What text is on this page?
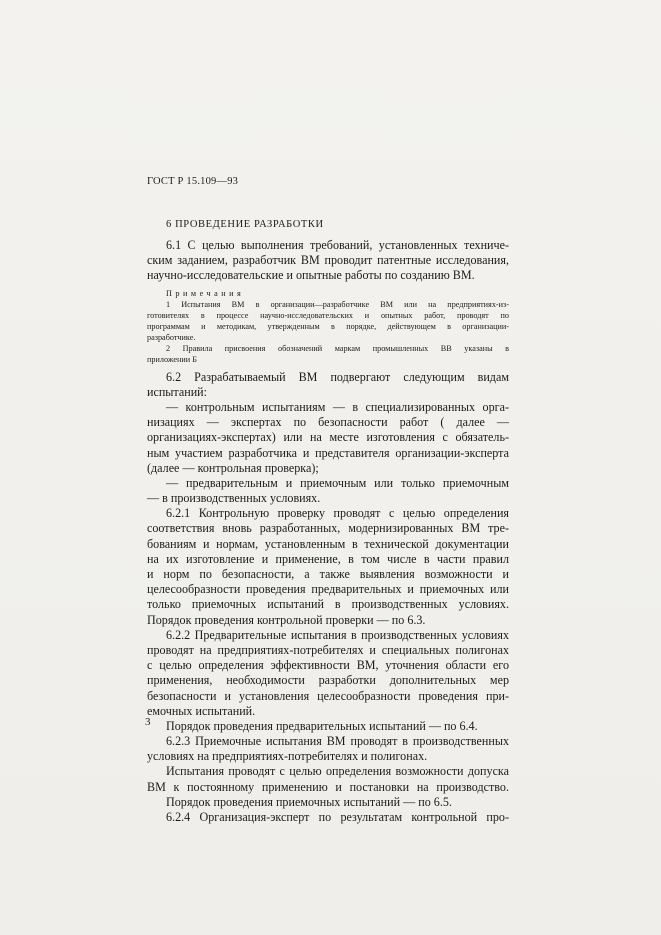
ГОСТ Р 15.109—93
6 ПРОВЕДЕНИЕ РАЗРАБОТКИ
6.1 С целью выполнения требований, установленных техниче-
ским заданием, разработчик ВМ проводит патентные исследования,
научно-исследовательские и опытные работы по созданию ВМ.
Примечания
1 Испытания ВМ в организации—разработчике ВМ или на предприятиях-из-
готовителях в процессе научно-исследовательских и опытных работ, проводят по
программам и методикам, утвержденным в порядке, действующем в организации-
разработчике.
2 Правила присвоения обозначений маркам промышленных ВВ указаны в
приложении Б
6.2 Разрабатываемый ВМ подвергают следующим видам
испытаний:
— контрольным испытаниям — в специализированных орга-
низациях — экспертах по безопасности работ ( далее —
организациях-экспертах) или на месте изготовления с обязатель-
ным участием разработчика и представителя организации-эксперта
(далее — контрольная проверка);
— предварительным и приемочным или только приемочным
— в производственных условиях.
6.2.1 Контрольную проверку проводят с целью определения
соответствия вновь разработанных, модернизированных ВМ тре-
бованиям и нормам, установленным в технической документации
на их изготовление и применение, в том числе в части правил
и норм по безопасности, а также выявления возможности и
целесообразности проведения предварительных и приемочных или
только приемочных испытаний в производственных условиях.
Порядок проведения контрольной проверки — по 6.3.
6.2.2 Предварительные испытания в производственных условиях
проводят на предприятиях-потребителях и специальных полигонах
с целью определения эффективности ВМ, уточнения области его
применения, необходимости разработки дополнительных мер
безопасности и установления целесообразности проведения при-
емочных испытаний.
Порядок проведения предварительных испытаний — по 6.4.
6.2.3 Приемочные испытания ВМ проводят в производственных
условиях на предприятиях-потребителях и полигонах.
Испытания проводят с целью определения возможности допуска
ВМ к постоянному применению и постановки на производство.
Порядок проведения приемочных испытаний — по 6.5.
6.2.4 Организация-эксперт по результатам контрольной про-
3
